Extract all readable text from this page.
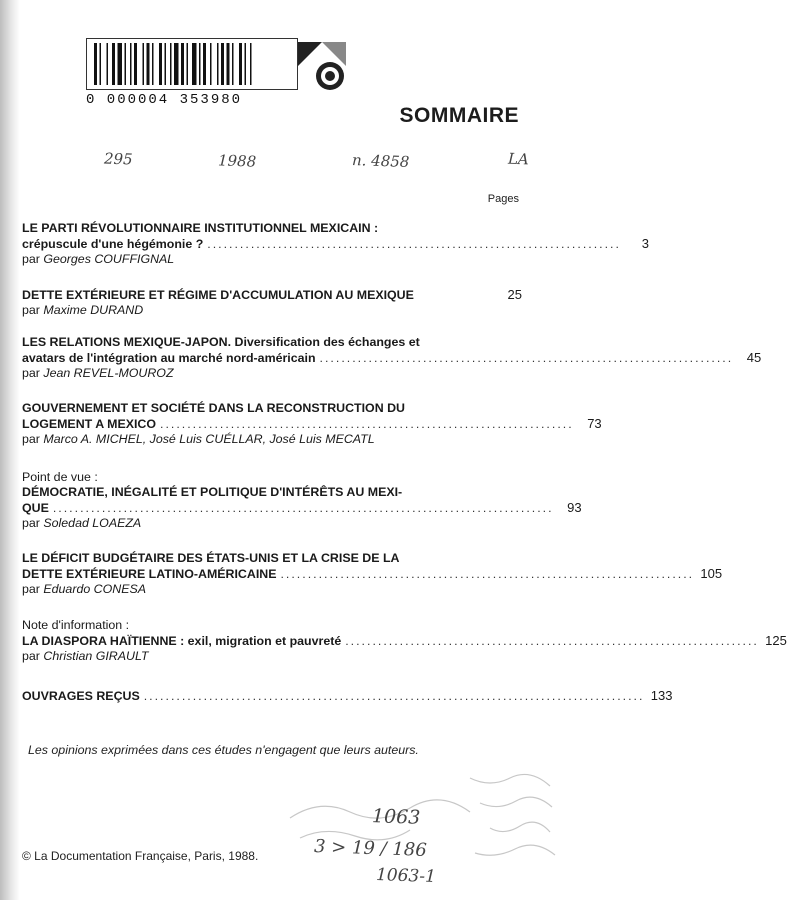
0 000004 353980
SOMMAIRE
295	1988	n. 4858	LA
Pages
LE PARTI RÉVOLUTIONNAIRE INSTITUTIONNEL MEXICAIN :
crépuscule d'une hégémonie ? ............................................................................	3
par Georges COUFFIGNAL
DETTE EXTÉRIEURE ET RÉGIME D'ACCUMULATION AU MEXIQUE	25
par Maxime DURAND
LES RELATIONS MEXIQUE-JAPON. Diversification des échanges et
avatars de l'intégration au marché nord-américain ............................................................................	45
par Jean REVEL-MOUROZ
GOUVERNEMENT ET SOCIÉTÉ DANS LA RECONSTRUCTION DU
LOGEMENT A MEXICO ............................................................................	73
par Marco A. MICHEL, José Luis CUÉLLAR, José Luis MECATL
Point de vue :
DÉMOCRATIE, INÉGALITÉ ET POLITIQUE D'INTÉRÊTS AU MEXI-
QUE ............................................................................................	93
par Soledad LOAEZA
LE DÉFICIT BUDGÉTAIRE DES ÉTATS-UNIS ET LA CRISE DE LA
DETTE EXTÉRIEURE LATINO-AMÉRICAINE ............................................................................ 105
par Eduardo CONESA
Note d'information :
LA DIASPORA HAÏTIENNE : exil, migration et pauvreté ............................................................................ 125
par Christian GIRAULT
OUVRAGES REÇUS ............................................................................................ 133
Les opinions exprimées dans ces études n'engagent que leurs auteurs.
1063
3 > 19 / 186
1063-1
© La Documentation Française, Paris, 1988.
